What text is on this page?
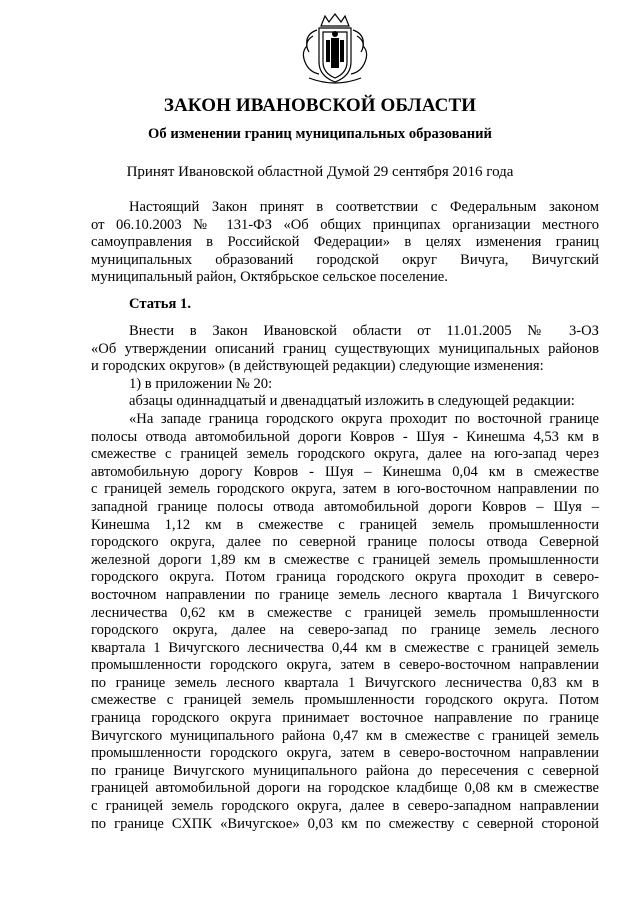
ЗАКОН ИВАНОВСКОЙ ОБЛАСТИ
Об изменении границ муниципальных образований
Принят Ивановской областной Думой 29 сентября 2016 года

Настоящий Закон принят в соответствии с Федеральным законом

от 06.10.2003 № 131-ФЗ «Об общих принципах организации местного

самоуправления в Российской Федерации» в целях изменения границ

муниципальных образований городской округ Вичуга, Вичугский

муниципальный район, Октябрьское сельское поселение.

Статья 1.

Внести в Закон Ивановской области от 11.01.2005 № 3-ОЗ

«Об утверждении описаний границ существующих муниципальных районов

и городских округов» (в действующей редакции) следующие изменения:

1) в приложении № 20:

абзацы одиннадцатый и двенадцатый изложить в следующей редакции:

«На западе граница городского округа проходит по восточной границе

полосы отвода автомобильной дороги Ковров - Шуя - Кинешма 4,53 км в

смежестве с границей земель городского округа, далее на юго-запад через

автомобильную дорогу Ковров - Шуя – Кинешма 0,04 км в смежестве

с границей земель городского округа, затем в юго-восточном направлении по

западной границе полосы отвода автомобильной дороги Ковров – Шуя –

Кинешма 1,12 км в смежестве с границей земель промышленности

городского округа, далее по северной границе полосы отвода Северной

железной дороги 1,89 км в смежестве с границей земель промышленности

городского округа. Потом граница городского округа проходит в северо-

восточном направлении по границе земель лесного квартала 1 Вичугского

лесничества 0,62 км в смежестве с границей земель промышленности

городского округа, далее на северо-запад по границе земель лесного

квартала 1 Вичугского лесничества 0,44 км в смежестве с границей земель

промышленности городского округа, затем в северо-восточном направлении

по границе земель лесного квартала 1 Вичугского лесничества 0,83 км в

смежестве с границей земель промышленности городского округа. Потом

граница городского округа принимает восточное направление по границе

Вичугского муниципального района 0,47 км в смежестве с границей земель

промышленности городского округа, затем в северо-восточном направлении

по границе Вичугского муниципального района до пересечения с северной

границей автомобильной дороги на городское кладбище 0,08 км в смежестве

с границей земель городского округа, далее в северо-западном направлении

по границе СХПК «Вичугское» 0,03 км по смежеству с северной стороной
